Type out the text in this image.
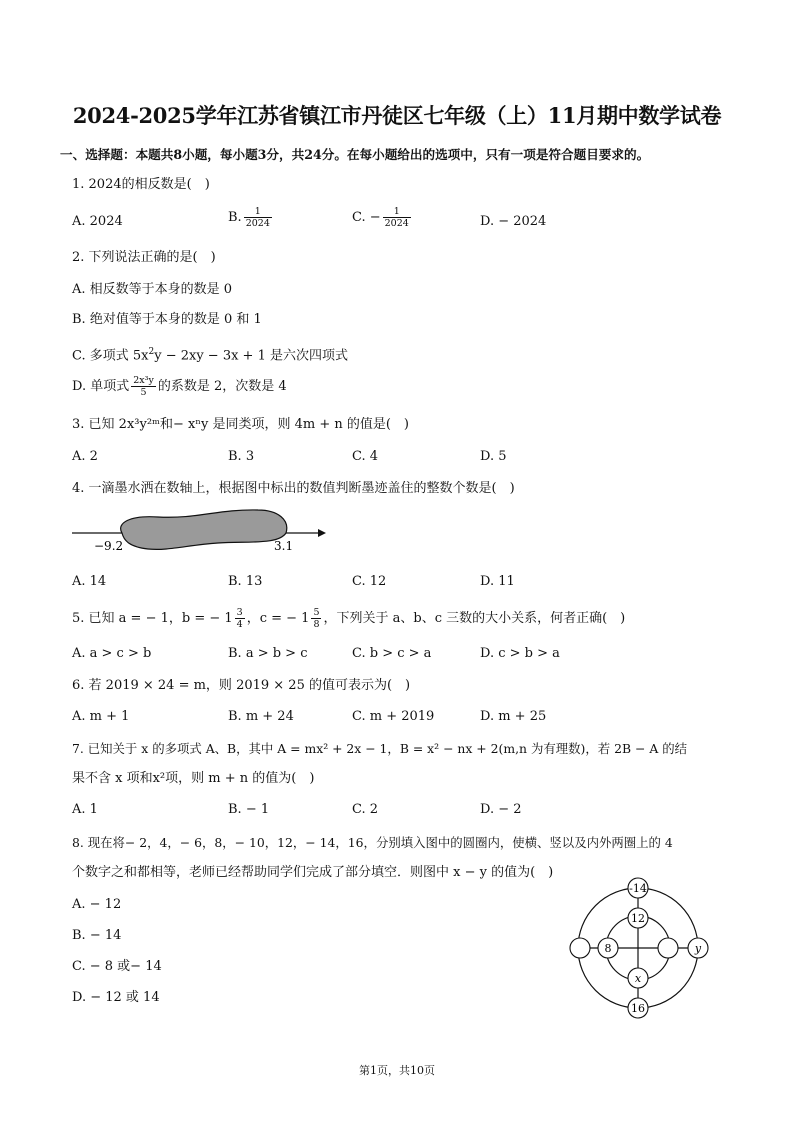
2024-2025学年江苏省镇江市丹徒区七年级（上）11月期中数学试卷
一、选择题：本题共8小题，每小题3分，共24分。在每小题给出的选项中，只有一项是符合题目要求的。
1. 2024的相反数是(　)
A. 2024	B. $\frac{1}{2024}$	C. − $\frac{1}{2024}$	D. − 2024
2. 下列说法正确的是(　)
A. 相反数等于本身的数是 0
B. 绝对值等于本身的数是 0 和 1
C. 多项式 $5x^2y - 2xy - 3x + 1$ 是六次四项式
D. 单项式 $\frac{\text{2x³y}}{5}$ 的系数是 2，次数是 4
3. 已知 2x³y²ᵐ和− xⁿy 是同类项，则 4m + n 的值是(　)
A. 2	B. 3	C. 4	D. 5
4. 一滴墨水洒在数轴上，根据图中标出的数值判断墨迹盖住的整数个数是(　)
−9.2	3.1
A. 14	B. 13	C. 12	D. 11
5. 已知 a = − 1，b = − $1 \frac{3}{4}$ ，c = − $1 \frac{5}{8}$ ，下列关于 a、b、c 三数的大小关系，何者正确(　)
A. a > c > b	B. a > b > c	C. b > c > a	D. c > b > a
6. 若 2019 × 24 = m，则 2019 × 25 的值可表示为(　)
A. m + 1	B. m + 24	C. m + 2019	D. m + 25
7. 已知关于 x 的多项式 A、B，其中 A = mx² + 2x − 1，B = x² − nx + 2(m,n 为有理数)，若 2B − A 的结
果不含 x 项和x²项，则 m + n 的值为(　)
A. 1	B. − 1	C. 2	D. − 2
8. 现在将− 2，4，− 6，8，− 10，12，− 14，16，分别填入图中的圆圈内，使横、竖以及内外两圈上的 4
个数字之和都相等，老师已经帮助同学们完成了部分填空．则图中 x − y 的值为(　)
A. − 12
B. − 14
C. − 8 或− 14
D. − 12 或 14
-14
12
8	y
x
16
第1页，共10页
